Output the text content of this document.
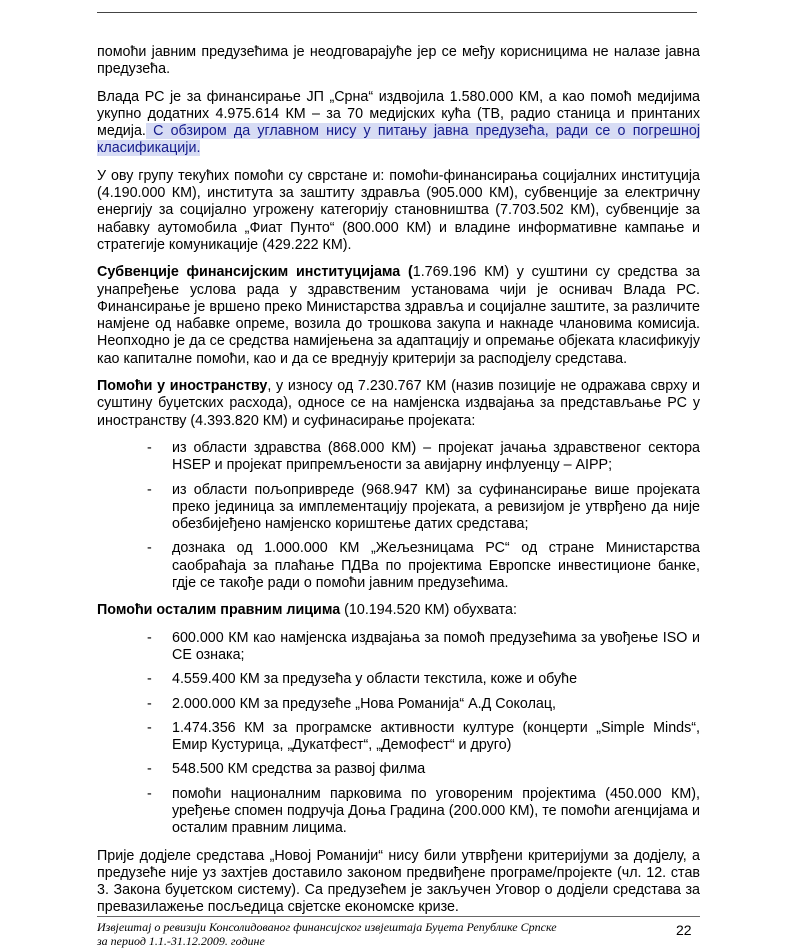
помоћи јавним предузећима је неодговарајуће јер се међу корисницима не налазе јавна предузећа.

Влада РС је за финансирање ЈП „Срна“ издвојила 1.580.000 КМ, а као помоћ медијима укупно додатних 4.975.614 КМ – за 70 медијских кућа (ТВ, радио станица и принтаних медија. С обзиром да углавном нису у питању јавна предузећа, ради се о погрешној класификацији.

У ову групу текућих помоћи су сврстане и: помоћи-финансирања социјалних институција (4.190.000 КМ), института за заштиту здравља (905.000 КМ), субвенције за електричну енергију за социјално угрожену категорију становништва (7.703.502 КМ), субвенције за набавку аутомобила „Фиат Пунто“ (800.000 КМ) и владине информативне кампање и стратегије комуникације (429.222 КМ).

Субвенције финансијским институцијама (1.769.196 КМ) у суштини су средства за унапређење услова рада у здравственим установама чији је оснивач Влада РС. Финансирање је вршено преко Министарства здравља и социјалне заштите, за различите намјене од набавке опреме, возила до трошкова закупа и накнаде члановима комисија. Неопходно је да се средства намијењена за адаптацију и опремање објеката класификују као капиталне помоћи, као и да се вреднују критерији за расподјелу средстава.

Помоћи у иностранству, у износу од 7.230.767 КМ (назив позиције не одражава сврху и суштину буџетских расхода), односе се на намјенска издвајања за представљање РС у иностранству (4.393.820 КМ) и суфинасирање пројеката:

- из области здравства (868.000 КМ) – пројекат јачања здравственог сектора HSEP и пројекат припремљености за авијарну инфлуенцу – AIPP;
- из области пољопривреде (968.947 КМ) за суфинансирање више пројеката преко јединица за имплементацију пројеката, а ревизијом је утврђено да није обезбијеђено намјенско кориштење датих средстава;
- дознака од 1.000.000 КМ „Жељезницама РС“ од стране Министарства саобраћаја за плаћање ПДВа по пројектима Европске инвестиционе банке, гдје се такође ради о помоћи јавним предузећима.

Помоћи осталим правним лицима (10.194.520 КМ) обухвата:

- 600.000 КМ као намјенска издвајања за помоћ предузећима за увођење ISO и CE ознака;
- 4.559.400 КМ за предузећа у области текстила, коже и обуће
- 2.000.000 КМ за предузеће „Нова Романија“ А.Д Соколац,
- 1.474.356 КМ за програмске активности културе (концерти „Simple Minds“, Емир Кустурица, „Дукатфест“, „Демофест“ и друго)
- 548.500 КМ средства за развој филма
- помоћи националним парковима по уговореним пројектима (450.000 КМ), уређење спомен подручја Доња Градина (200.000 КМ), те помоћи агенцијама и осталим правним лицима.

Прије додјеле средстава „Новој Романији“ нису били утврђени критеријуми за додјелу, а предузеће није уз захтјев доставило законом предвиђене програме/пројекте (чл. 12. став 3. Закона буџетском систему). Са предузећем је закључен Уговор о додјели средстава за превазилажење посљедица свјетске економске кризе.

Извјештај о ревизији Консолидованог финансијског извјештаја Буџета Републике Српске
за период 1.1.-31.12.2009. године
22
